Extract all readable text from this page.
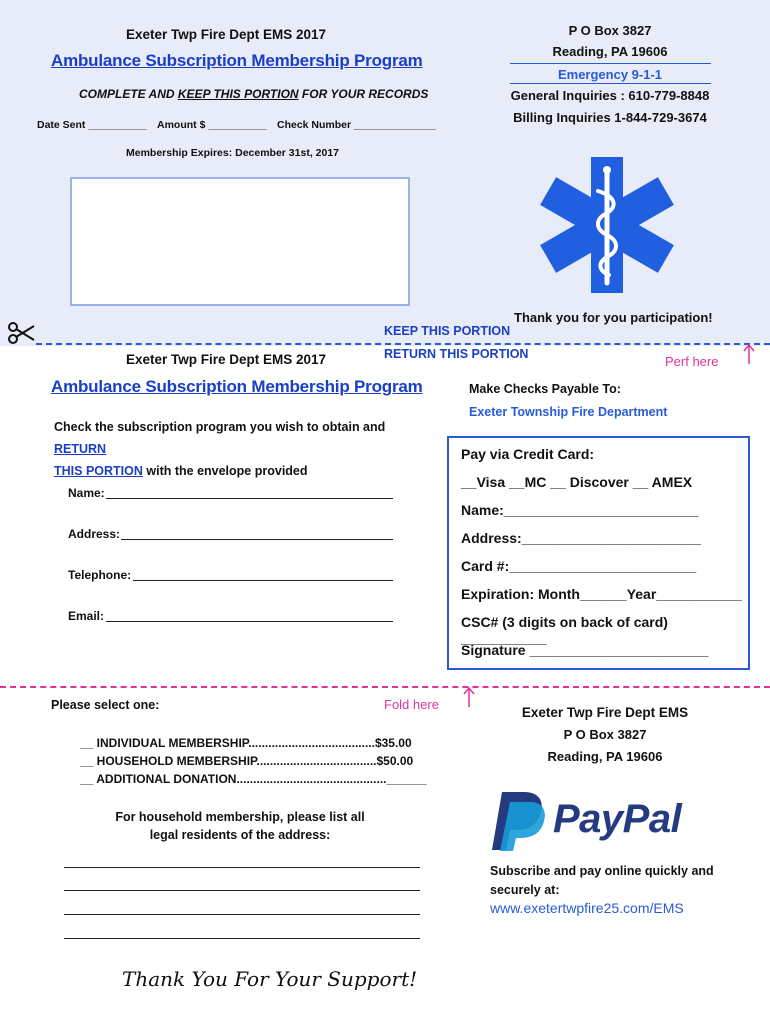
Exeter Twp Fire Dept EMS 2017
Ambulance Subscription Membership Program
COMPLETE AND KEEP THIS PORTION FOR YOUR RECORDS
Date Sent __________ Amount $ __________ Check Number ______________
Membership Expires: December 31st, 2017
P O Box 3827
Reading, PA 19606
Emergency 9-1-1
General Inquiries : 610-779-8848
Billing Inquiries 1-844-729-3674
Thank you for you participation!
KEEP THIS PORTION
RETURN THIS PORTION	Perf here
Exeter Twp Fire Dept EMS 2017
Ambulance Subscription Membership Program
Check the subscription program you wish to obtain and RETURN
THIS PORTION with the envelope provided
Name:
Address:
Telephone:
Email:
Make Checks Payable To:
Exeter Township Fire Department
Pay via Credit Card:
__Visa __MC __ Discover __ AMEX
Name:_________________________
Address:_______________________
Card #:________________________
Expiration: Month______Year___________
CSC# (3 digits on back of card) ___________
Signature _______________________
Fold here
Please select one:
__ INDIVIDUAL MEMBERSHIP......................................$35.00
__ HOUSEHOLD MEMBERSHIP....................................$50.00
__ ADDITIONAL DONATION.............................................______
For household membership, please list all
legal residents of the address:
Thank You For Your Support!
Exeter Twp Fire Dept EMS
P O Box 3827
Reading, PA 19606
PayPal
Subscribe and pay online quickly and
securely at:
www.exetertwpfire25.com/EMS
